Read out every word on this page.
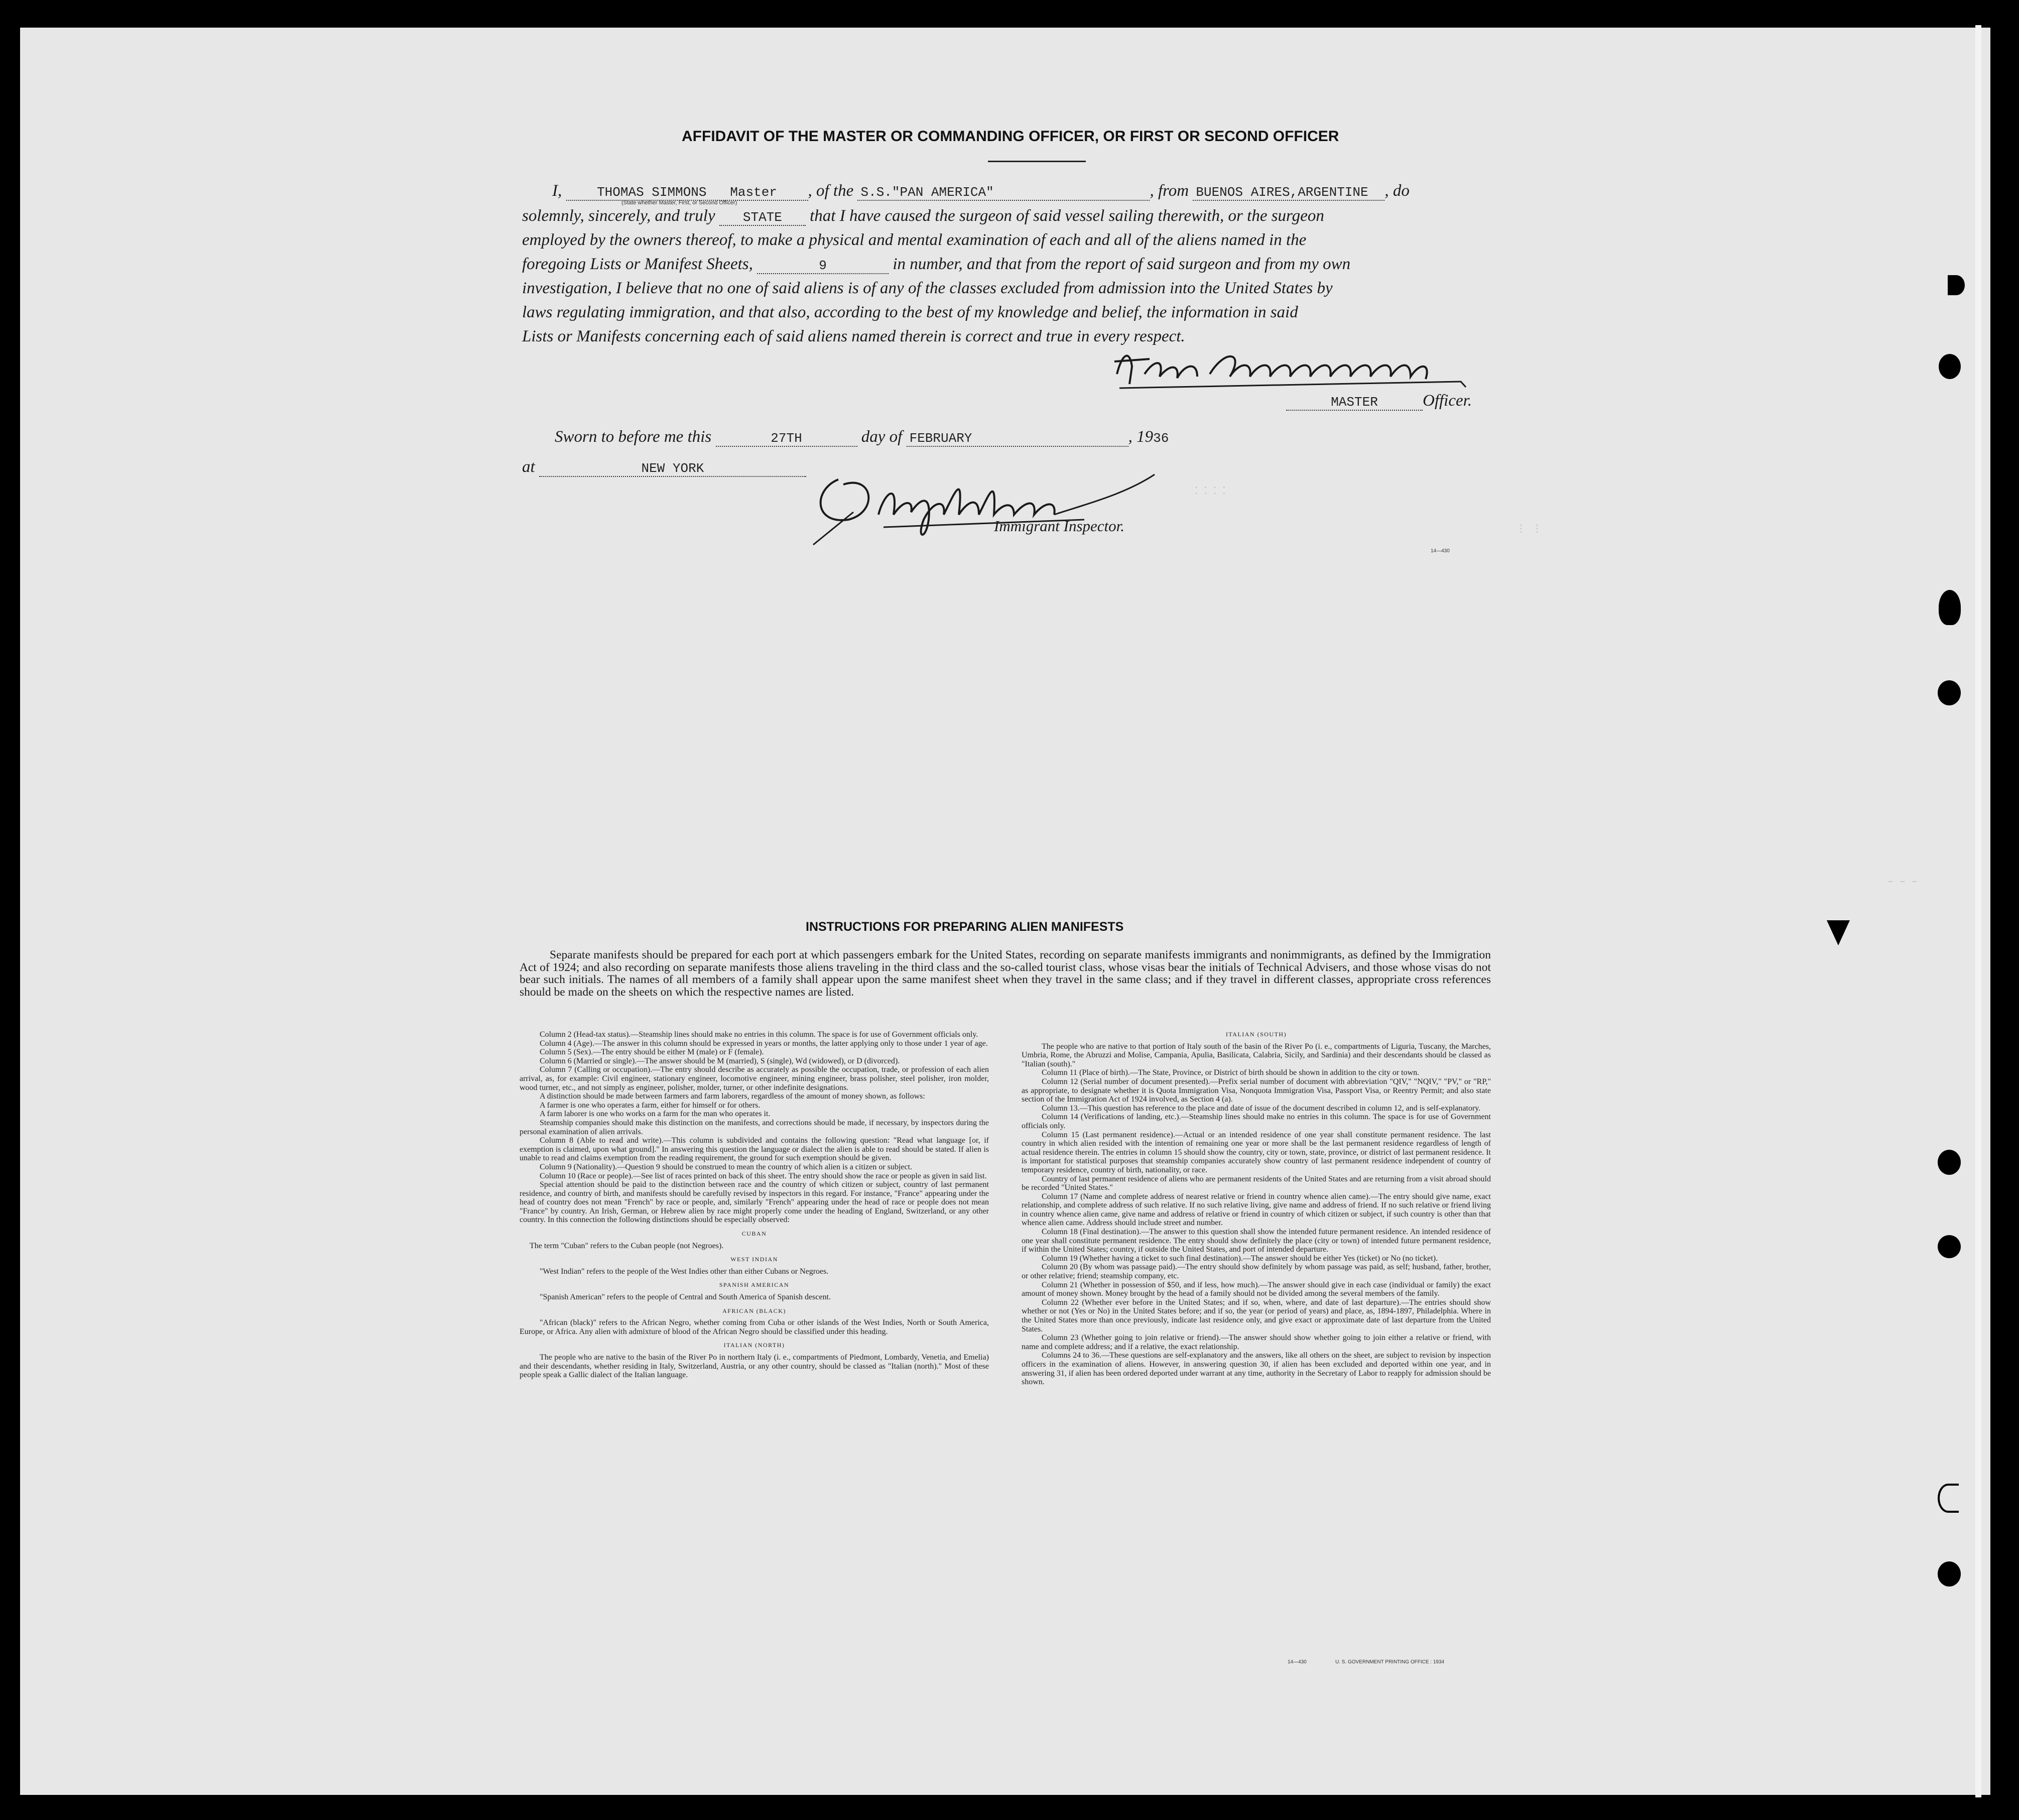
AFFIDAVIT OF THE MASTER OR COMMANDING OFFICER, OR FIRST OR SECOND OFFICER
I,	THOMAS SIMMONS Master , of the S.S."PAN AMERICA"	, from BUENOS AIRES,ARGENTINE , do
(State whether Master, First, or Second Officer)
solemnly, sincerely, and truly STATE that I have caused the surgeon of said vessel sailing therewith, or the surgeon
employed by the owners thereof, to make a physical and mental examination of each and all of the aliens named in the
foregoing Lists or Manifest Sheets,	9	in number, and that from the report of said surgeon and from my own
investigation, I believe that no one of said aliens is of any of the classes excluded from admission into the United States by
laws regulating immigration, and that also, according to the best of my knowledge and belief, the information in said
Lists or Manifests concerning each of said aliens named therein is correct and true in every respect.
MASTER	Officer.
Sworn to before me this	27TH	day of FEBRUARY	, 1936
at	NEW YORK
Immigrant Inspector.
14—430
⁚ ⁚ ⁚ ⁚
⋮ ⋮
– – –
INSTRUCTIONS FOR PREPARING ALIEN MANIFESTS
Separate manifests should be prepared for each port at which passengers embark for the United States, recording on separate manifests immigrants and nonimmigrants, as defined by the Immigration Act of 1924; and also recording on separate manifests those aliens traveling in the third class and the so-called tourist class, whose visas bear the initials of Technical Advisers, and those whose visas do not bear such initials. The names of all members of a family shall appear upon the same manifest sheet when they travel in the same class; and if they travel in different classes, appropriate cross references should be made on the sheets on which the respective names are listed.

Column 2 (Head-tax status).—Steamship lines should make no entries in this column. The space is for use of Government officials only.

Column 4 (Age).—The answer in this column should be expressed in years or months, the latter applying only to those under 1 year of age.

Column 5 (Sex).—The entry should be either M (male) or F (female).

Column 6 (Married or single).—The answer should be M (married), S (single), Wd (widowed), or D (divorced).

Column 7 (Calling or occupation).—The entry should describe as accurately as possible the occupation, trade, or profession of each alien arrival, as, for example: Civil engineer, stationary engineer, locomotive engineer, mining engineer, brass polisher, steel polisher, iron molder, wood turner, etc., and not simply as engineer, polisher, molder, turner, or other indefinite designations.

A distinction should be made between farmers and farm laborers, regardless of the amount of money shown, as follows:

A farmer is one who operates a farm, either for himself or for others.

A farm laborer is one who works on a farm for the man who operates it.

Steamship companies should make this distinction on the manifests, and corrections should be made, if necessary, by inspectors during the personal examination of alien arrivals.

Column 8 (Able to read and write).—This column is subdivided and contains the following question: "Read what language [or, if exemption is claimed, upon what ground]." In answering this question the language or dialect the alien is able to read should be stated. If alien is unable to read and claims exemption from the reading requirement, the ground for such exemption should be given.

Column 9 (Nationality).—Question 9 should be construed to mean the country of which alien is a citizen or subject.

Column 10 (Race or people).—See list of races printed on back of this sheet. The entry should show the race or people as given in said list.

Special attention should be paid to the distinction between race and the country of which citizen or subject, country of last permanent residence, and country of birth, and manifests should be carefully revised by inspectors in this regard. For instance, "France" appearing under the head of country does not mean "French" by race or people, and, similarly "French" appearing under the head of race or people does not mean "France" by country. An Irish, German, or Hebrew alien by race might properly come under the heading of England, Switzerland, or any other country. In this connection the following distinctions should be especially observed:

CUBAN

The term "Cuban" refers to the Cuban people (not Negroes).

WEST INDIAN

"West Indian" refers to the people of the West Indies other than either Cubans or Negroes.

SPANISH AMERICAN

"Spanish American" refers to the people of Central and South America of Spanish descent.

AFRICAN (BLACK)

"African (black)" refers to the African Negro, whether coming from Cuba or other islands of the West Indies, North or South America, Europe, or Africa. Any alien with admixture of blood of the African Negro should be classified under this heading.

ITALIAN (NORTH)

The people who are native to the basin of the River Po in northern Italy (i. e., compartments of Piedmont, Lombardy, Venetia, and Emelia) and their descendants, whether residing in Italy, Switzerland, Austria, or any other country, should be classed as "Italian (north)." Most of these people speak a Gallic dialect of the Italian language.

ITALIAN (SOUTH)

The people who are native to that portion of Italy south of the basin of the River Po (i. e., compartments of Liguria, Tuscany, the Marches, Umbria, Rome, the Abruzzi and Molise, Campania, Apulia, Basilicata, Calabria, Sicily, and Sardinia) and their descendants should be classed as "Italian (south)."

Column 11 (Place of birth).—The State, Province, or District of birth should be shown in addition to the city or town.

Column 12 (Serial number of document presented).—Prefix serial number of document with abbreviation "QIV," "NQIV," "PV," or "RP," as appropriate, to designate whether it is Quota Immigration Visa, Nonquota Immigration Visa, Passport Visa, or Reentry Permit; and also state section of the Immigration Act of 1924 involved, as Section 4 (a).

Column 13.—This question has reference to the place and date of issue of the document described in column 12, and is self-explanatory.

Column 14 (Verifications of landing, etc.).—Steamship lines should make no entries in this column. The space is for use of Government officials only.

Column 15 (Last permanent residence).—Actual or an intended residence of one year shall constitute permanent residence. The last country in which alien resided with the intention of remaining one year or more shall be the last permanent residence regardless of length of actual residence therein. The entries in column 15 should show the country, city or town, state, province, or district of last permanent residence. It is important for statistical purposes that steamship companies accurately show country of last permanent residence independent of country of temporary residence, country of birth, nationality, or race.

Country of last permanent residence of aliens who are permanent residents of the United States and are returning from a visit abroad should be recorded "United States."

Column 17 (Name and complete address of nearest relative or friend in country whence alien came).—The entry should give name, exact relationship, and complete address of such relative. If no such relative living, give name and address of friend. If no such relative or friend living in country whence alien came, give name and address of relative or friend in country of which citizen or subject, if such country is other than that whence alien came. Address should include street and number.

Column 18 (Final destination).—The answer to this question shall show the intended future permanent residence. An intended residence of one year shall constitute permanent residence. The entry should show definitely the place (city or town) of intended future permanent residence, if within the United States; country, if outside the United States, and port of intended departure.

Column 19 (Whether having a ticket to such final destination).—The answer should be either Yes (ticket) or No (no ticket).

Column 20 (By whom was passage paid).—The entry should show definitely by whom passage was paid, as self; husband, father, brother, or other relative; friend; steamship company, etc.

Column 21 (Whether in possession of $50, and if less, how much).—The answer should give in each case (individual or family) the exact amount of money shown. Money brought by the head of a family should not be divided among the several members of the family.

Column 22 (Whether ever before in the United States; and if so, when, where, and date of last departure).—The entries should show whether or not (Yes or No) in the United States before; and if so, the year (or period of years) and place, as, 1894-1897, Philadelphia. Where in the United States more than once previously, indicate last residence only, and give exact or approximate date of last departure from the United States.

Column 23 (Whether going to join relative or friend).—The answer should show whether going to join either a relative or friend, with name and complete address; and if a relative, the exact relationship.

Columns 24 to 36.—These questions are self-explanatory and the answers, like all others on the sheet, are subject to revision by inspection officers in the examination of aliens. However, in answering question 30, if alien has been excluded and deported within one year, and in answering 31, if alien has been ordered deported under warrant at any time, authority in the Secretary of Labor to reapply for admission should be shown.

14—430	U. S. GOVERNMENT PRINTING OFFICE : 1934
